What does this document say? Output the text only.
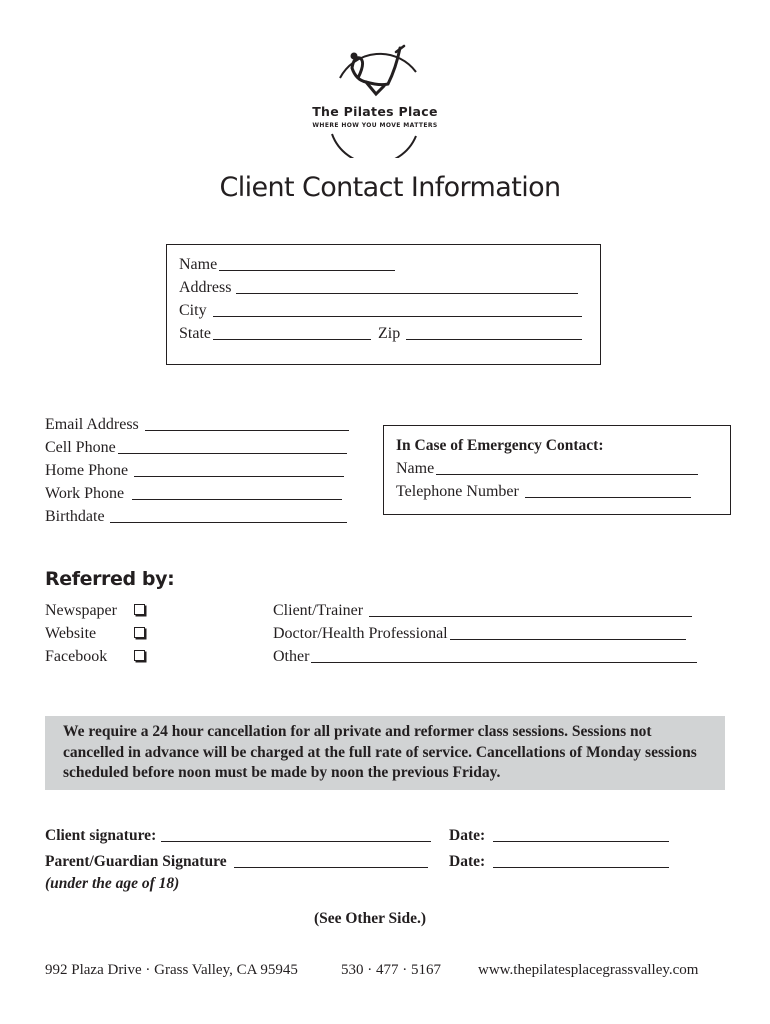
The Pilates Place
WHERE HOW YOU MOVE MATTERS
Client Contact Information
Name
Address
City
State	Zip
Email Address
Cell Phone
Home Phone
Work Phone
Birthdate
In Case of Emergency Contact:
Name
Telephone Number
Referred by:
Newspaper
Website
Facebook
Client/Trainer
Doctor/Health Professional
Other
We require a 24 hour cancellation for all private and reformer class sessions. Sessions not cancelled in advance will be charged at the full rate of service. Cancellations of Monday sessions scheduled before noon must be made by noon the previous Friday.
Client signature:	Date:
Parent/Guardian Signature	Date:
(under the age of 18)
(See Other Side.)
992 Plaza Drive · Grass Valley, CA 95945	530 · 477 · 5167 www.thepilatesplacegrassvalley.com
